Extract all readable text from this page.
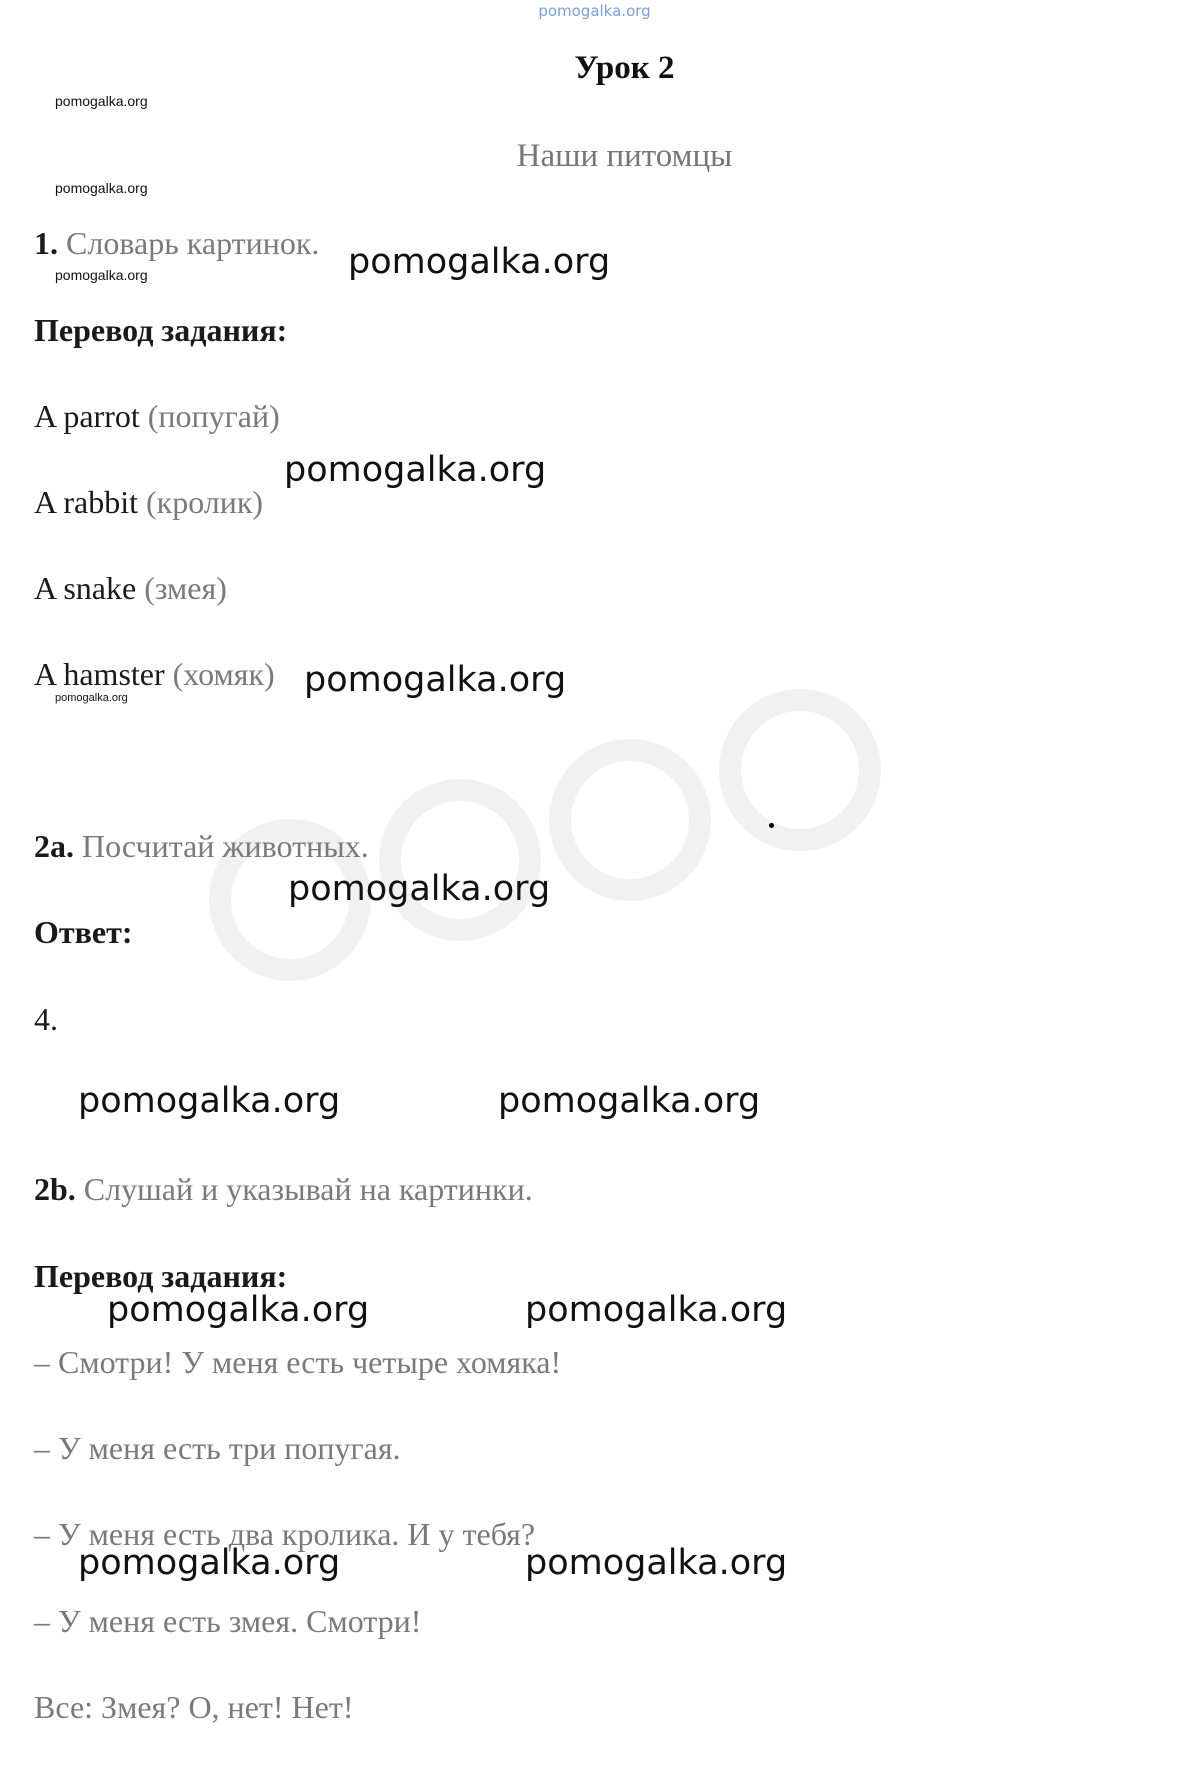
pomogalka.org
Урок 2
Наши питомцы
pomogalka.org
pomogalka.org
pomogalka.org
pomogalka.org
1. Словарь картинок. pomogalka.org
Перевод задания:
A parrot (попугай)
pomogalka.org
A rabbit (кролик)
A snake (змея)
A hamster (хомяк) pomogalka.org
2a. Посчитай животных.
pomogalka.org
Ответ:
4.
pomogalka.org	pomogalka.org
2b. Слушай и указывай на картинки.
Перевод задания:
pomogalka.org	pomogalka.org
– Смотри! У меня есть четыре хомяка!
– У меня есть три попугая.
– У меня есть два кролика. И у тебя?
pomogalka.org	pomogalka.org
– У меня есть змея. Смотри!
Все: Змея? О, нет! Нет!
